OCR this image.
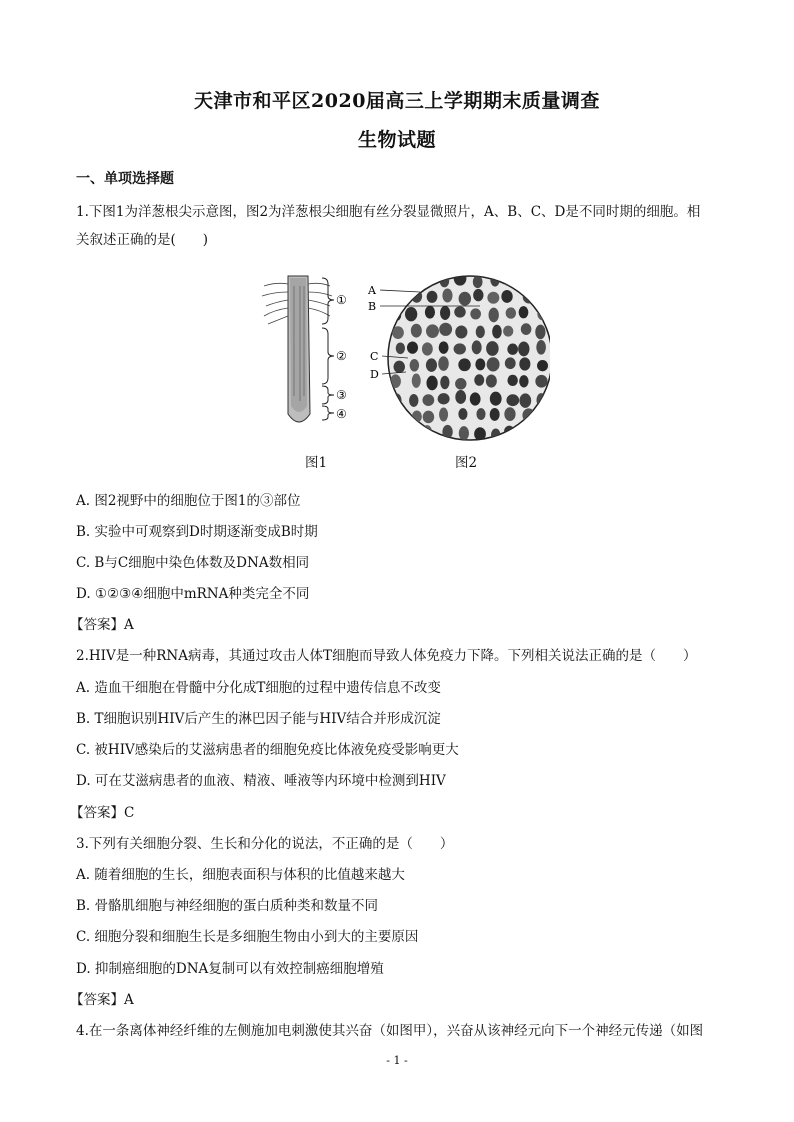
天津市和平区2020届高三上学期期末质量调查
生物试题
一、单项选择题
1.下图1为洋葱根尖示意图，图2为洋葱根尖细胞有丝分裂显微照片，A、B、C、D是不同时期的细胞。相
关叙述正确的是(　　)
①
②
③
④
A
B
C
D
图1	图2
A. 图2视野中的细胞位于图1的③部位
B. 实验中可观察到D时期逐渐变成B时期
C. B与C细胞中染色体数及DNA数相同
D. ①②③④细胞中mRNA种类完全不同
【答案】A
2.HIV是一种RNA病毒，其通过攻击人体T细胞而导致人体免疫力下降。下列相关说法正确的是（　　）
A. 造血干细胞在骨髓中分化成T细胞的过程中遗传信息不改变
B. T细胞识别HIV后产生的淋巴因子能与HIV结合并形成沉淀
C. 被HIV感染后的艾滋病患者的细胞免疫比体液免疫受影响更大
D. 可在艾滋病患者的血液、精液、唾液等内环境中检测到HIV
【答案】C
3.下列有关细胞分裂、生长和分化的说法，不正确的是（　　）
A. 随着细胞的生长，细胞表面积与体积的比值越来越大
B. 骨骼肌细胞与神经细胞的蛋白质种类和数量不同
C. 细胞分裂和细胞生长是多细胞生物由小到大的主要原因
D. 抑制癌细胞的DNA复制可以有效控制癌细胞增殖
【答案】A
4.在一条离体神经纤维的左侧施加电刺激使其兴奋（如图甲），兴奋从该神经元向下一个神经元传递（如图
- 1 -
